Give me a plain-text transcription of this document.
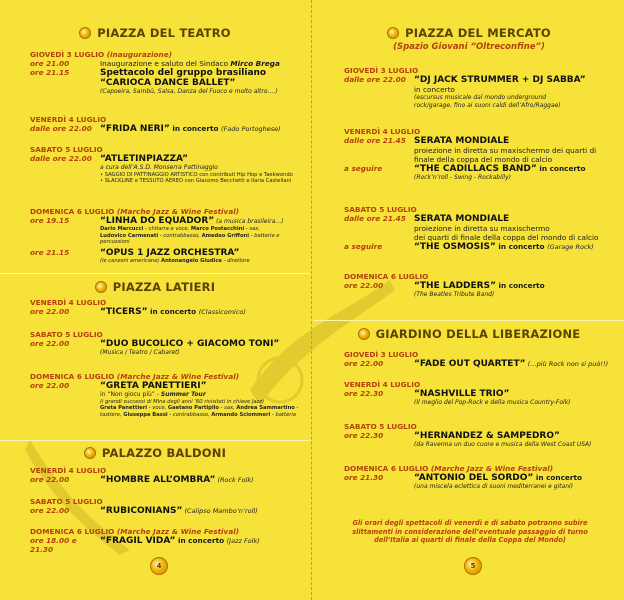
PIAZZA DEL TEATRO
GIOVEDÌ 3 LUGLIO (inaugurazione)
ore 21.00	Inaugurazione e saluto del Sindaco Mirco Brega
ore 21.15	Spettacolo del gruppo brasiliano
“CARIOCA DANCE BALLET”
(Capoeira, Sambù, Salsa, Danza del Fuoco e molto altro….)
VENERDÌ 4 LUGLIO
dalle ore 22.00 “FRIDA NERI” in concerto (Fado Portoghese)
SABATO 5 LUGLIO
dalle ore 22.00 “ATLETINPIAZZA”
a cura dell’A.S.D. Monserra Pattinaggio
• SAGGIO DI PATTINAGGIO ARTISTICO con contributi Hip Hop e Taekwondo
• SLACKLINE e TESSUTO AEREO con Giacomo Becchetti e Ilaria Castellani
DOMENICA 6 LUGLIO (Marche Jazz & Wine Festival)
ore 19.15	“LINHA DO EQUADOR” (a musica brasileira…)
Dario Marcucci - chitarra e voce, Marco Postacchini - sax,
Ludovico Carmenati - contrabbasso, Amedeo Griffoni - batteria e percussioni
ore 21.15	“OPUS 1 JAZZ ORCHESTRA”
(le canzoni americane) Antonangelo Giudice - direttore
PIAZZA LATIERI
VENERDÌ 4 LUGLIO
ore 22.00	“TICERS” in concerto (Classicomico)
SABATO 5 LUGLIO
ore 22.00	“DUO BUCOLICO + GIACOMO TONI”
(Musica / Teatro / Cabaret)
DOMENICA 6 LUGLIO (Marche Jazz & Wine Festival)
ore 22.00	“GRETA PANETTIERI”
in “Non giocu più” - Summer Tour
(i grandi successi di Mina degli anni ’60 rivisitati in chiave Jazz)
Greta Panettieri - voce, Gaetano Partipilo - sax, Andrea Sammartino -
tastiere, Giuseppe Bassi - contrabbasso, Armando Sciommeri - batteria
PALAZZO BALDONI
VENERDÌ 4 LUGLIO
ore 22.00	“HOMBRE ALL’OMBRA” (Rock Folk)
SABATO 5 LUGLIO
ore 22.00	“RUBICONIANS” (Calipso Mambo’n’roll)
DOMENICA 6 LUGLIO (Marche Jazz & Wine Festival)
ore 18.00 e 21.30
“FRAGIL VIDA” in concerto (Jazz Folk)
4
PIAZZA DEL MERCATO
(Spazio Giovani “Oltreconfine”)
GIOVEDÌ 3 LUGLIO
dalle ore 22.00 “DJ JACK STRUMMER + DJ SABBA”
in concerto
(escursus musicale dal mondo underground
rock/garage, fino ai suoni caldi dell’Afro/Raggae)
VENERDÌ 4 LUGLIO
dalle ore 21.45 SERATA MONDIALE
proiezione in diretta su maxischermo dei quarti di
finale della coppa del mondo di calcio
a seguire	“THE CADILLACS BAND” in concerto
(Rock’n’roll - Swing - Rockabilly)
SABATO 5 LUGLIO
dalle ore 21.45 SERATA MONDIALE
proiezione in diretta su maxischermo
dei quarti di finale della coppa del mondo di calcio
a seguire	“THE OSMOSIS” in concerto (Garage Rock)
DOMENICA 6 LUGLIO
ore 22.00	“THE LADDERS” in concerto
(The Beatles Tribute Band)
GIARDINO DELLA LIBERAZIONE
GIOVEDÌ 3 LUGLIO
ore 22.00	“FADE OUT QUARTET” (…più Rock non si può!!)
VENERDÌ 4 LUGLIO
ore 22.30	“NASHVILLE TRIO”
(Il meglio del Pop-Rock e della musica Country-Folk)
SABATO 5 LUGLIO
ore 22.30	“HERNANDEZ & SAMPEDRO”
(da Ravenna un duo cuore e musica della West Coast USA)
DOMENICA 6 LUGLIO (Marche Jazz & Wine Festival)
ore 21.30	“ANTONIO DEL SORDO” in concerto
(una miscela eclettica di suoni mediterranei e gitani)
Gli orari degli spettacoli di venerdì e di sabato potranno subire
slittamenti in considerazione dell’eventuale passaggio di turno
dell’Italia ai quarti di finale della Coppa del Mondo)
5
